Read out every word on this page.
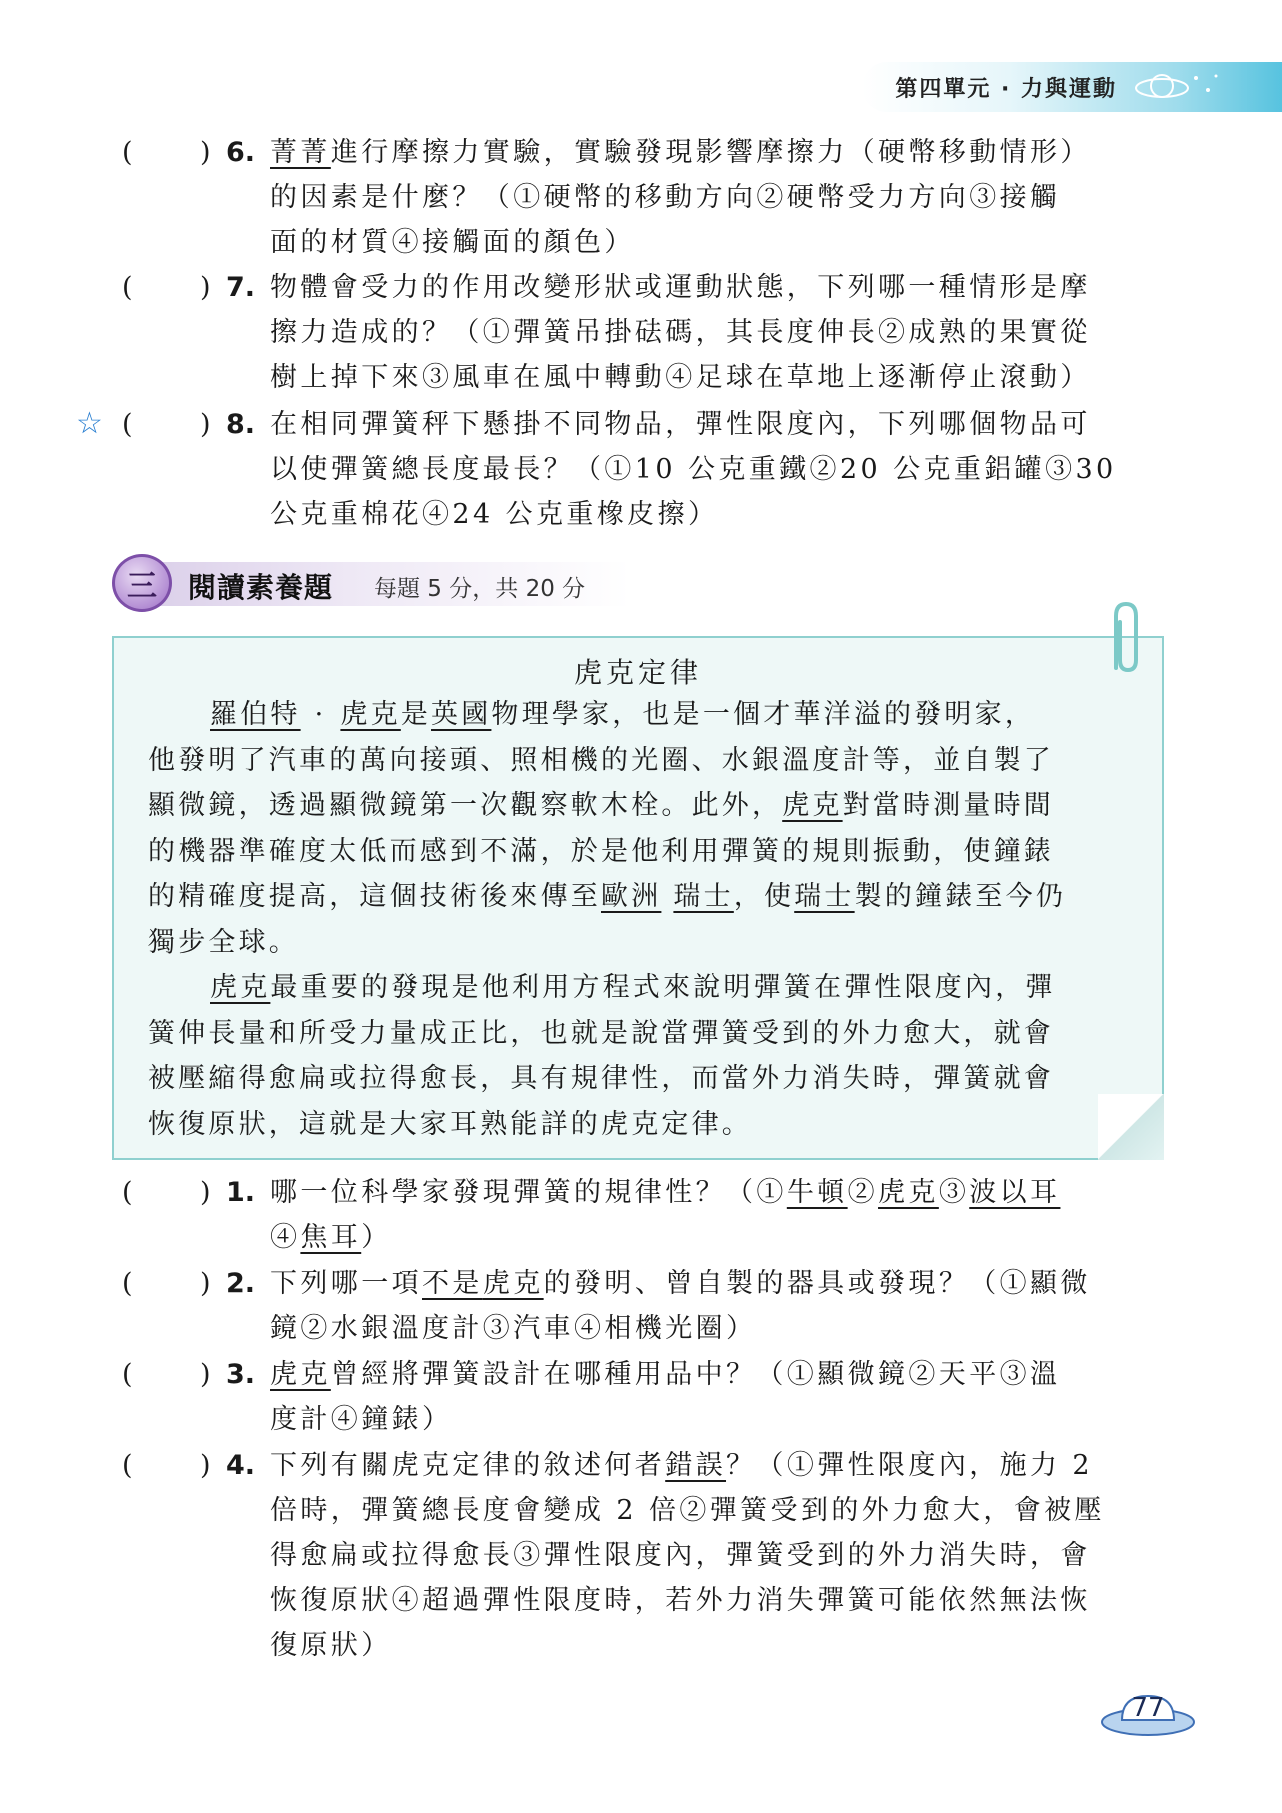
第四單元 · 力與運動
( ) 6. 菁菁進行摩擦力實驗，實驗發現影響摩擦力（硬幣移動情形）
的因素是什麼？（①硬幣的移動方向②硬幣受力方向③接觸
面的材質④接觸面的顏色）
( ) 7. 物體會受力的作用改變形狀或運動狀態，下列哪一種情形是摩
擦力造成的？（①彈簧吊掛砝碼，其長度伸長②成熟的果實從
樹上掉下來③風車在風中轉動④足球在草地上逐漸停止滾動）
☆ ( ) 8. 在相同彈簧秤下懸掛不同物品，彈性限度內，下列哪個物品可
以使彈簧總長度最長？（①10 公克重鐵②20 公克重鋁罐③30
公克重棉花④24 公克重橡皮擦）
三	閱讀素養題 每題 5 分，共 20 分
虎克定律
羅伯特 · 虎克是英國物理學家，也是一個才華洋溢的發明家，
他發明了汽車的萬向接頭、照相機的光圈、水銀溫度計等，並自製了
顯微鏡，透過顯微鏡第一次觀察軟木栓。此外，虎克對當時測量時間
的機器準確度太低而感到不滿，於是他利用彈簧的規則振動，使鐘錶
的精確度提高，這個技術後來傳至歐洲 瑞士，使瑞士製的鐘錶至今仍
獨步全球。
虎克最重要的發現是他利用方程式來說明彈簧在彈性限度內，彈
簧伸長量和所受力量成正比，也就是說當彈簧受到的外力愈大，就會
被壓縮得愈扁或拉得愈長，具有規律性，而當外力消失時，彈簧就會
恢復原狀，這就是大家耳熟能詳的虎克定律。
( ) 1. 哪一位科學家發現彈簧的規律性？（①牛頓②虎克③波以耳
④焦耳）
( ) 2. 下列哪一項不是虎克的發明、曾自製的器具或發現？（①顯微
鏡②水銀溫度計③汽車④相機光圈）
( ) 3. 虎克曾經將彈簧設計在哪種用品中？（①顯微鏡②天平③溫
度計④鐘錶）
( ) 4. 下列有關虎克定律的敘述何者錯誤？（①彈性限度內，施力 2
倍時，彈簧總長度會變成 2 倍②彈簧受到的外力愈大，會被壓
得愈扁或拉得愈長③彈性限度內，彈簧受到的外力消失時，會
恢復原狀④超過彈性限度時，若外力消失彈簧可能依然無法恢
復原狀）
77
